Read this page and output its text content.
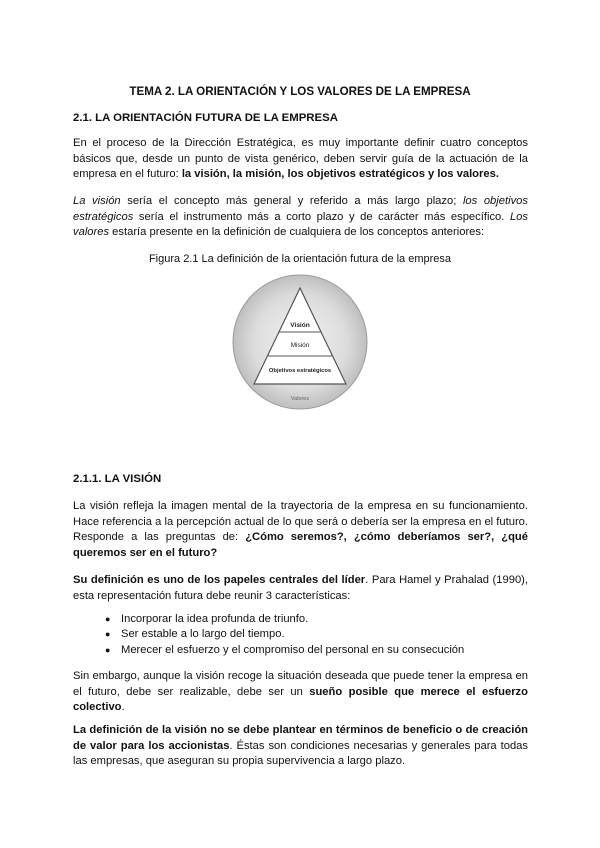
TEMA 2. LA ORIENTACIÓN Y LOS VALORES DE LA EMPRESA

2.1. LA ORIENTACIÓN FUTURA DE LA EMPRESA

En el proceso de la Dirección Estratégica, es muy importante definir cuatro conceptos básicos que, desde un punto de vista genérico, deben servir guía de la actuación de la empresa en el futuro: la visión, la misión, los objetivos estratégicos y los valores.

La visión sería el concepto más general y referido a más largo plazo; los objetivos estratégicos sería el instrumento más a corto plazo y de carácter más específico. Los valores estaría presente en la definición de cualquiera de los conceptos anteriores:

Figura 2.1 La definición de la orientación futura de la empresa

Visión
Misión
Objetivos estratégicos
Valores

2.1.1. LA VISIÓN

La visión refleja la imagen mental de la trayectoria de la empresa en su funcionamiento. Hace referencia a la percepción actual de lo que será o debería ser la empresa en el futuro. Responde a las preguntas de: ¿Cómo seremos?, ¿cómo deberíamos ser?, ¿qué queremos ser en el futuro?

Su definición es uno de los papeles centrales del líder. Para Hamel y Prahalad (1990), esta representación futura debe reunir 3 características:

● Incorporar la idea profunda de triunfo.
● Ser estable a lo largo del tiempo.
● Merecer el esfuerzo y el compromiso del personal en su consecución

Sin embargo, aunque la visión recoge la situación deseada que puede tener la empresa en el futuro, debe ser realizable, debe ser un sueño posible que merece el esfuerzo colectivo.

La definición de la visión no se debe plantear en términos de beneficio o de creación de valor para los accionistas. Éstas son condiciones necesarias y generales para todas las empresas, que aseguran su propia supervivencia a largo plazo.
